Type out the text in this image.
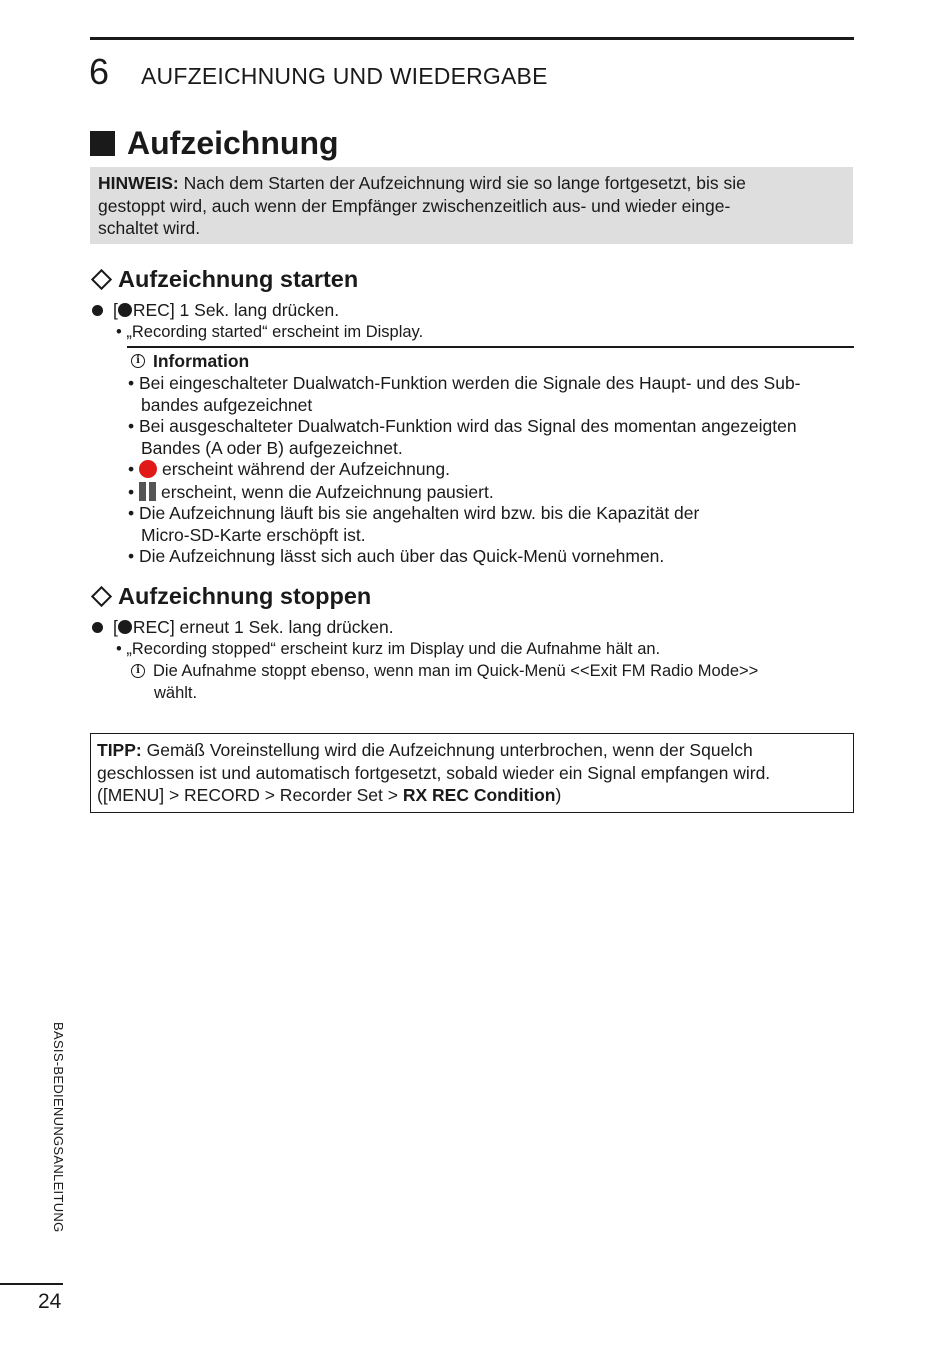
6 AUFZEICHNUNG UND WIEDERGABE
Aufzeichnung
HINWEIS: Nach dem Starten der Aufzeichnung wird sie so lange fortgesetzt, bis sie
gestoppt wird, auch wenn der Empfänger zwischenzeitlich aus- und wieder einge-
schaltet wird.
Aufzeichnung starten
[ REC] 1 Sek. lang drücken.
• „Recording started“ erscheint im Display.
i Information
• Bei eingeschalteter Dualwatch-Funktion werden die Signale des Haupt- und des Sub-
bandes aufgezeichnet
• Bei ausgeschalteter Dualwatch-Funktion wird das Signal des momentan angezeigten
Bandes (A oder B) aufgezeichnet.
• erscheint während der Aufzeichnung.
•
erscheint, wenn die Aufzeichnung pausiert.
• Die Aufzeichnung läuft bis sie angehalten wird bzw. bis die Kapazität der
Micro-SD-Karte erschöpft ist.
• Die Aufzeichnung lässt sich auch über das Quick-Menü vornehmen.
Aufzeichnung stoppen
[ REC] erneut 1 Sek. lang drücken.
• „Recording stopped“ erscheint kurz im Display und die Aufnahme hält an.
i Die Aufnahme stoppt ebenso, wenn man im Quick-Menü <<Exit FM Radio Mode>>
wählt.
TIPP: Gemäß Voreinstellung wird die Aufzeichnung unterbrochen, wenn der Squelch
geschlossen ist und automatisch fortgesetzt, sobald wieder ein Signal empfangen wird.
([MENU] > RECORD > Recorder Set > RX REC Condition)
BASIS-BEDIENUNGSANLEITUNG
24
